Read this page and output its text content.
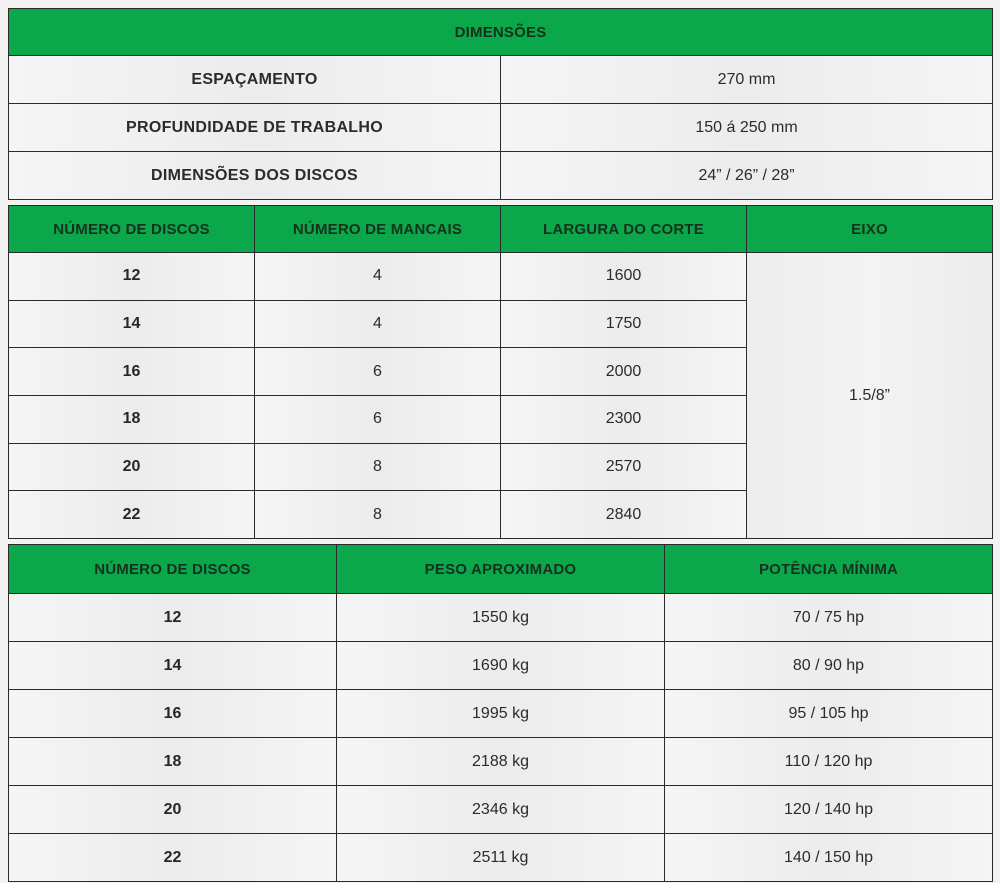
DIMENSÕES	
ESPAÇAMENTO	270 mm
PROFUNDIDADE DE TRABALHO	150 á 250 mm
DIMENSÕES DOS DISCOS	24” / 26” / 28”
NÚMERO DE DISCOS	NÚMERO DE MANCAIS	LARGURA DO CORTE	EIXO
12	4	1600	1.5/8”
14	4	1750	
16	6	2000	
18	6	2300	
20	8	2570	
22	8	2840	
NÚMERO DE DISCOS	PESO APROXIMADO	POTÊNCIA MÍNIMA
12	1550 kg	70 / 75 hp
14	1690 kg	80 / 90 hp
16	1995 kg	95 / 105 hp
18	2188 kg	110 / 120 hp
20	2346 kg	120 / 140 hp
22	2511 kg	140 / 150 hp
